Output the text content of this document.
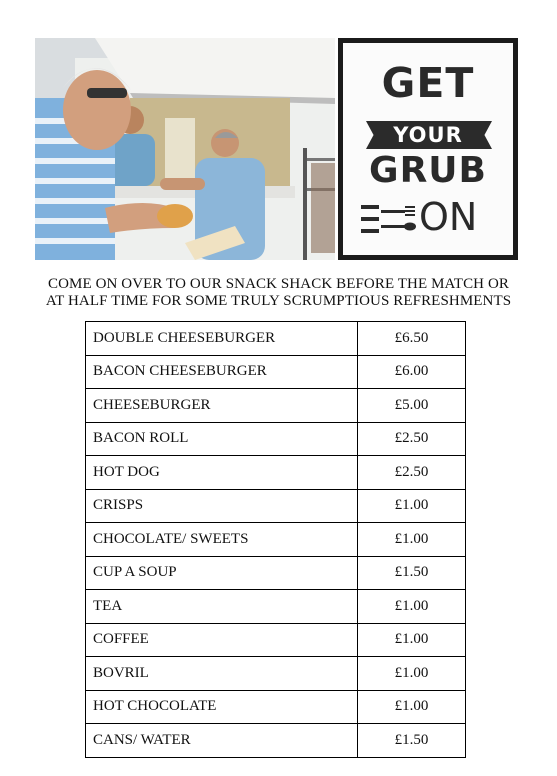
GET
YOUR
GRUB
ON
COME ON OVER TO OUR SNACK SHACK BEFORE THE MATCH OR
AT HALF TIME FOR SOME TRULY SCRUMPTIOUS REFRESHMENTS
DOUBLE CHEESEBURGER	£6.50
BACON CHEESEBURGER	£6.00
CHEESEBURGER	£5.00
BACON ROLL	£2.50
HOT DOG	£2.50
CRISPS	£1.00
CHOCOLATE/ SWEETS	£1.00
CUP A SOUP	£1.50
TEA	£1.00
COFFEE	£1.00
BOVRIL	£1.00
HOT CHOCOLATE	£1.00
CANS/ WATER	£1.50
